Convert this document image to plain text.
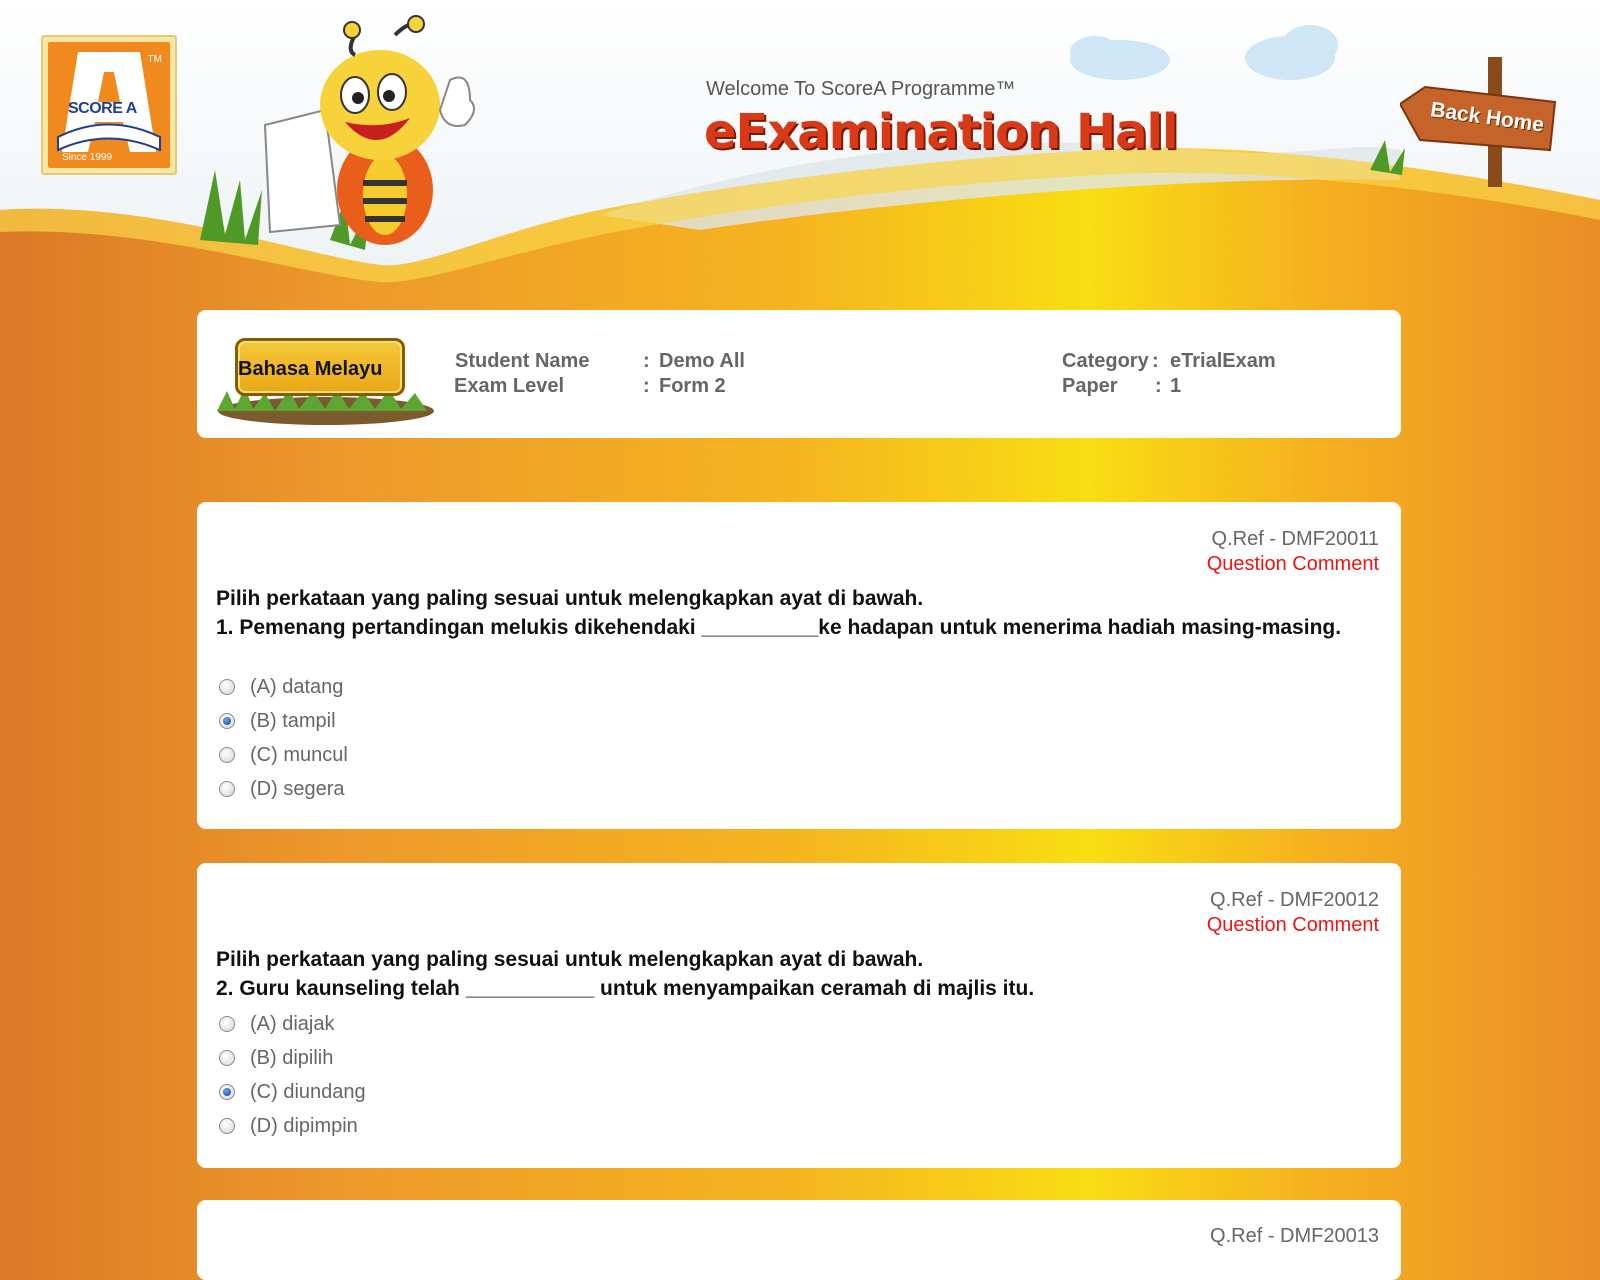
TM
SCORE A
Since 1999
Welcome To ScoreA Programme™
eExamination Hall	Back Home
Bahasa Melayu	Student Name	: Demo All
Exam Level	: Form 2
Category : eTrialExam
Paper : 1
Q.Ref - DMF20011
Question Comment
Pilih perkataan yang paling sesuai untuk melengkapkan ayat di bawah.
1. Pemenang pertandingan melukis dikehendaki __________ke hadapan untuk menerima hadiah masing-masing.
(A) datang
(B) tampil
(C) muncul
(D) segera
Q.Ref - DMF20012
Question Comment
Pilih perkataan yang paling sesuai untuk melengkapkan ayat di bawah.
2. Guru kaunseling telah ___________ untuk menyampaikan ceramah di majlis itu.
(A) diajak
(B) dipilih
(C) diundang
(D) dipimpin
Q.Ref - DMF20013
